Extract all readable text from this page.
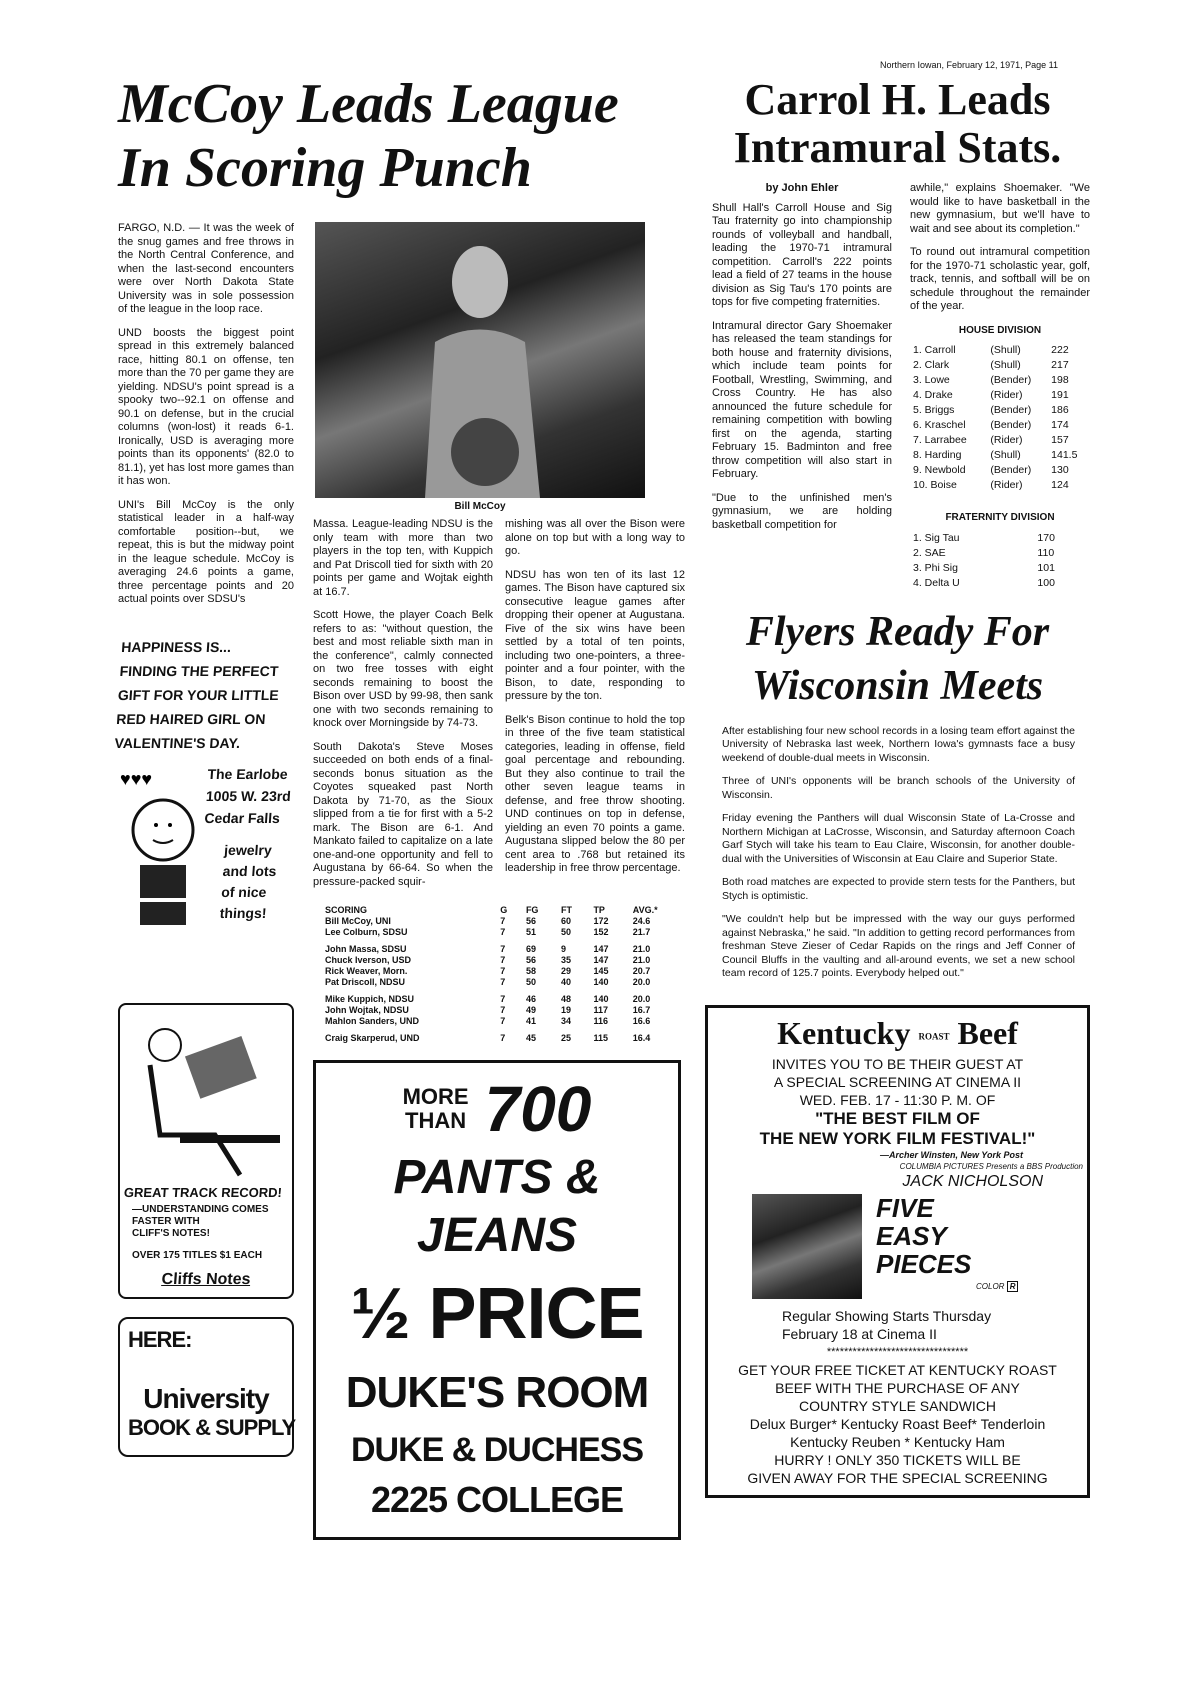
Northern Iowan, February 12, 1971, Page 11
McCoy Leads League
In Scoring Punch

FARGO, N.D. — It was the week of the snug games and free throws in the North Central Conference, and when the last-second encounters were over North Dakota State University was in sole possession of the league in the loop race.

UND boosts the biggest point spread in this extremely balanced race, hitting 80.1 on offense, ten more than the 70 per game they are yielding. NDSU's point spread is a spooky two--92.1 on offense and 90.1 on defense, but in the crucial columns (won-lost) it reads 6-1. Ironically, USD is averaging more points than its opponents' (82.0 to 81.1), yet has lost more games than it has won.

UNI's Bill McCoy is the only statistical leader in a half-way comfortable position--but, we repeat, this is but the midway point in the league schedule. McCoy is averaging 24.6 points a game, three percentage points and 20 actual points over SDSU's

HAPPINESS IS...
FINDING THE PERFECT
GIFT FOR YOUR LITTLE
RED HAIRED GIRL ON
VALENTINE'S DAY.
♥♥♥	The Earlobe
1005 W. 23rd
Cedar Falls
jewelry
and lots
of nice
things!
GREAT TRACK RECORD!
—UNDERSTANDING COMES
FASTER WITH
CLIFF'S NOTES!
OVER 175 TITLES $1 EACH
Cliffs Notes
HERE:
University
BOOK & SUPPLY
Bill McCoy

Massa. League-leading NDSU is the only team with more than two players in the top ten, with Kuppich and Pat Driscoll tied for sixth with 20 points per game and Wojtak eighth at 16.7.

Scott Howe, the player Coach Belk refers to as: "without question, the best and most reliable sixth man in the conference", calmly connected on two free tosses with eight seconds remaining to boost the Bison over USD by 99-98, then sank one with two seconds remaining to knock over Morningside by 74-73.

South Dakota's Steve Moses succeeded on both ends of a final-seconds bonus situation as the Coyotes squeaked past North Dakota by 71-70, as the Sioux slipped from a tie for first with a 5-2 mark. The Bison are 6-1. And Mankato failed to capitalize on a late one-and-one opportunity and fell to Augustana by 66-64. So when the pressure-packed squir-

mishing was all over the Bison were alone on top but with a long way to go.

NDSU has won ten of its last 12 games. The Bison have captured six consecutive league games after dropping their opener at Augustana. Five of the six wins have been settled by a total of ten points, including two one-pointers, a three-pointer and a four pointer, with the Bison, to date, responding to pressure by the ton.

Belk's Bison continue to hold the top in three of the five team statistical categories, leading in offense, field goal percentage and rebounding. But they also continue to trail the other seven league teams in defense, and free throw shooting. UND continues on top in defense, yielding an even 70 points a game. Augustana slipped below the 80 per cent area to .768 but retained its leadership in free throw percentage.

SCORING	G	FG	FT	TP	AVG.*
Bill McCoy, UNI	7	56	60	172	24.6
Lee Colburn, SDSU	7	51	50	152	21.7

John Massa, SDSU	7	69	9	147	21.0
Chuck Iverson, USD	7	56	35	147	21.0
Rick Weaver, Morn.	7	58	29	145	20.7
Pat Driscoll, NDSU	7	50	40	140	20.0

Mike Kuppich, NDSU	7	46	48	140	20.0
John Wojtak, NDSU	7	49	19	117	16.7
Mahlon Sanders, UND	7	41	34	116	16.6

Craig Skarperud, UND	7	45	25	115	16.4
MORE
THAN 700
PANTS &
JEANS
½ PRICE
DUKE'S ROOM
DUKE & DUCHESS
2225 COLLEGE
Carrol H. Leads
Intramural Stats.
by John Ehler

Shull Hall's Carroll House and Sig Tau fraternity go into championship rounds of volleyball and handball, leading the 1970-71 intramural competition. Carroll's 222 points lead a field of 27 teams in the house division as Sig Tau's 170 points are tops for five competing fraternities.

Intramural director Gary Shoemaker has released the team standings for both house and fraternity divisions, which include team points for Football, Wrestling, Swimming, and Cross Country. He has also announced the future schedule for remaining competition with bowling first on the agenda, starting February 15. Badminton and free throw competition will also start in February.

"Due to the unfinished men's gymnasium, we are holding basketball competition for

awhile," explains Shoemaker. "We would like to have basketball in the new gymnasium, but we'll have to wait and see about its completion."

To round out intramural competition for the 1970-71 scholastic year, golf, track, tennis, and softball will be on schedule throughout the remainder of the year.

HOUSE DIVISION
1. Carroll	(Shull)	222
2. Clark	(Shull)	217
3. Lowe	(Bender)	198
4. Drake	(Rider)	191
5. Briggs	(Bender)	186
6. Kraschel	(Bender)	174
7. Larrabee	(Rider)	157
8. Harding	(Shull)	141.5
9. Newbold	(Bender)	130
10. Boise	(Rider)	124
FRATERNITY DIVISION
1. Sig Tau	170
2. SAE	110
3. Phi Sig	101
4. Delta U	100
Flyers Ready For
Wisconsin Meets

After establishing four new school records in a losing team effort against the University of Nebraska last week, Northern Iowa's gymnasts face a busy weekend of double-dual meets in Wisconsin.

Three of UNI's opponents will be branch schools of the University of Wisconsin.

Friday evening the Panthers will dual Wisconsin State of La-Crosse and Northern Michigan at LaCrosse, Wisconsin, and Saturday afternoon Coach Garf Stych will take his team to Eau Claire, Wisconsin, for another double-dual with the Universities of Wisconsin at Eau Claire and Superior State.

Both road matches are expected to provide stern tests for the Panthers, but Stych is optimistic.

"We couldn't help but be impressed with the way our guys performed against Nebraska," he said. "In addition to getting record performances from freshman Steve Zieser of Cedar Rapids on the rings and Jeff Conner of Council Bluffs in the vaulting and all-around events, we set a new school team record of 125.7 points. Everybody helped out."

Kentucky ROAST Beef
INVITES YOU TO BE THEIR GUEST AT
A SPECIAL SCREENING AT CINEMA II
WED. FEB. 17 - 11:30 P. M. OF
"THE BEST FILM OF
THE NEW YORK FILM FESTIVAL!"
—Archer Winsten, New York Post
COLUMBIA PICTURES Presents a BBS Production
JACK NICHOLSON
FIVE
EASY
PIECES
COLOR R
Regular Showing Starts Thursday
February 18 at Cinema II
*********************************
GET YOUR FREE TICKET AT KENTUCKY ROAST
BEEF WITH THE PURCHASE OF ANY
COUNTRY STYLE SANDWICH
Delux Burger* Kentucky Roast Beef* Tenderloin
Kentucky Reuben * Kentucky Ham
HURRY ! ONLY 350 TICKETS WILL BE
GIVEN AWAY FOR THE SPECIAL SCREENING
